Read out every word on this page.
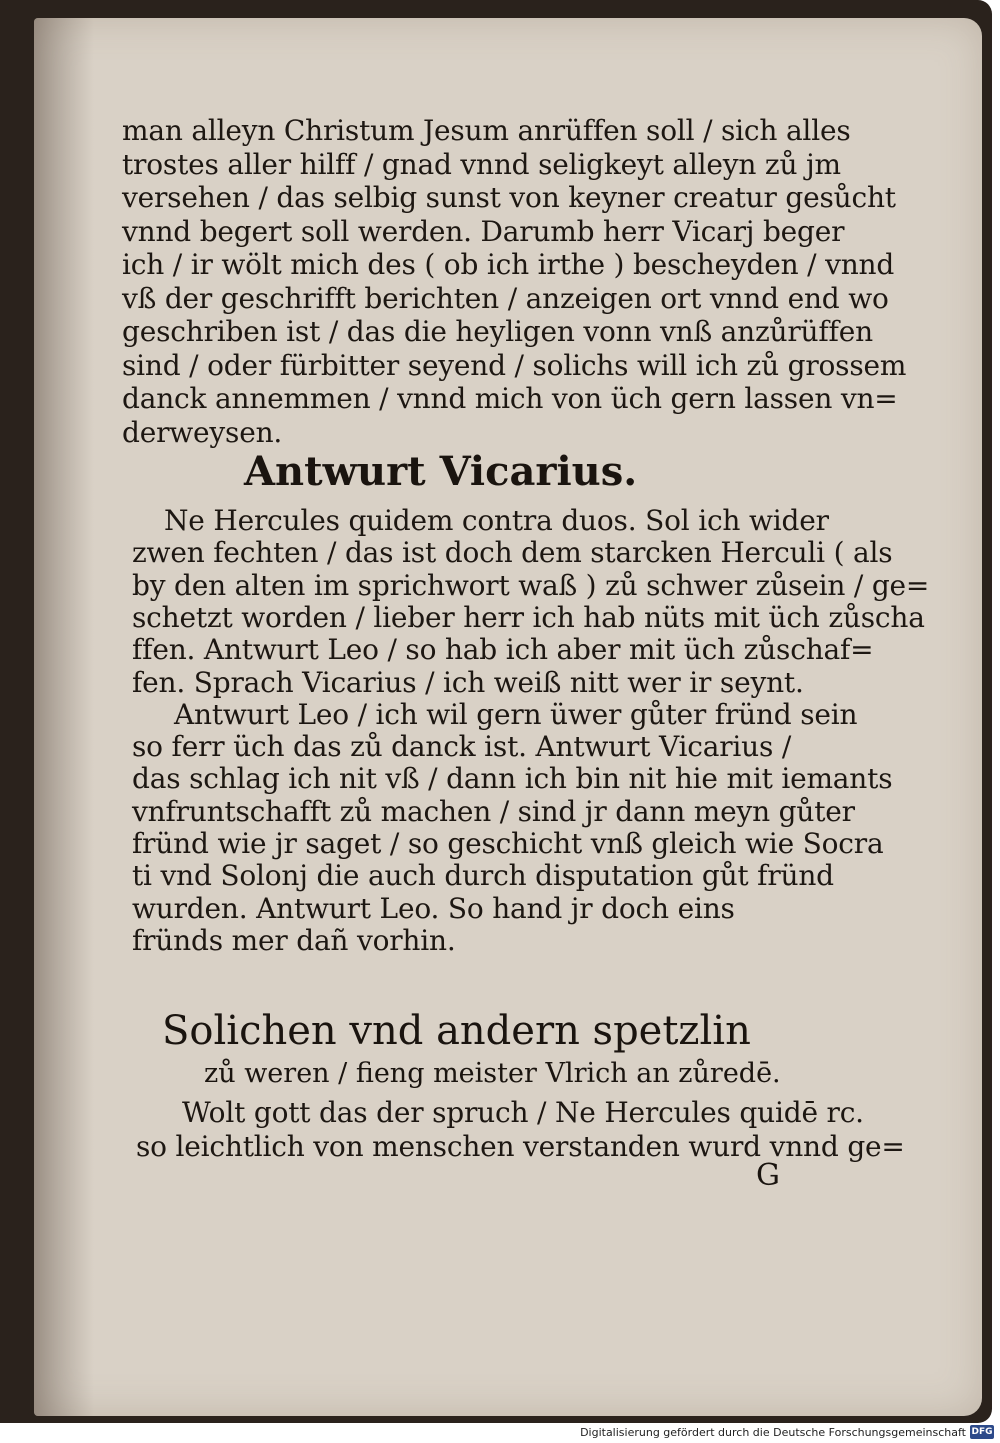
man alleyn Christum Jesum anrüffen soll / sich alles
trostes aller hilff / gnad vnnd seligkeyt alleyn zů jm
versehen / das selbig sunst von keyner creatur gesůcht
vnnd begert soll werden. Darumb herr Vicarj beger
ich / ir wölt mich des ( ob ich irthe ) bescheyden / vnnd
vß der geschrifft berichten / anzeigen ort vnnd end wo
geschriben ist / das die heyligen vonn vnß anzůrüffen
sind / oder fürbitter seyend / solichs will ich zů grossem
danck annemmen / vnnd mich von üch gern lassen vn=
derweysen.
Antwurt Vicarius.
Ne Hercules quidem contra duos. Sol ich wider
zwen fechten / das ist doch dem starcken Herculi ( als
by den alten im sprichwort waß ) zů schwer zůsein / ge=
schetzt worden / lieber herr ich hab nüts mit üch zůscha
ffen. Antwurt Leo / so hab ich aber mit üch zůschaf=
fen. Sprach Vicarius / ich weiß nitt wer ir seynt.
Antwurt Leo / ich wil gern üwer gůter fründ sein
so ferr üch das zů danck ist. Antwurt Vicarius /
das schlag ich nit vß / dann ich bin nit hie mit iemants
vnfruntschafft zů machen / sind jr dann meyn gůter
fründ wie jr saget / so geschicht vnß gleich wie Socra
ti vnd Solonj die auch durch disputation gůt fründ
wurden. Antwurt Leo. So hand jr doch eins
fründs mer dañ vorhin.
Solichen vnd andern spetzlin
zů weren / fieng meister Vlrich an zůredē.
Wolt gott das der spruch / Ne Hercules quidē rc.
so leichtlich von menschen verstanden wurd vnnd ge=
G
Digitalisierung gefördert durch die Deutsche Forschungsgemeinschaft DFG
